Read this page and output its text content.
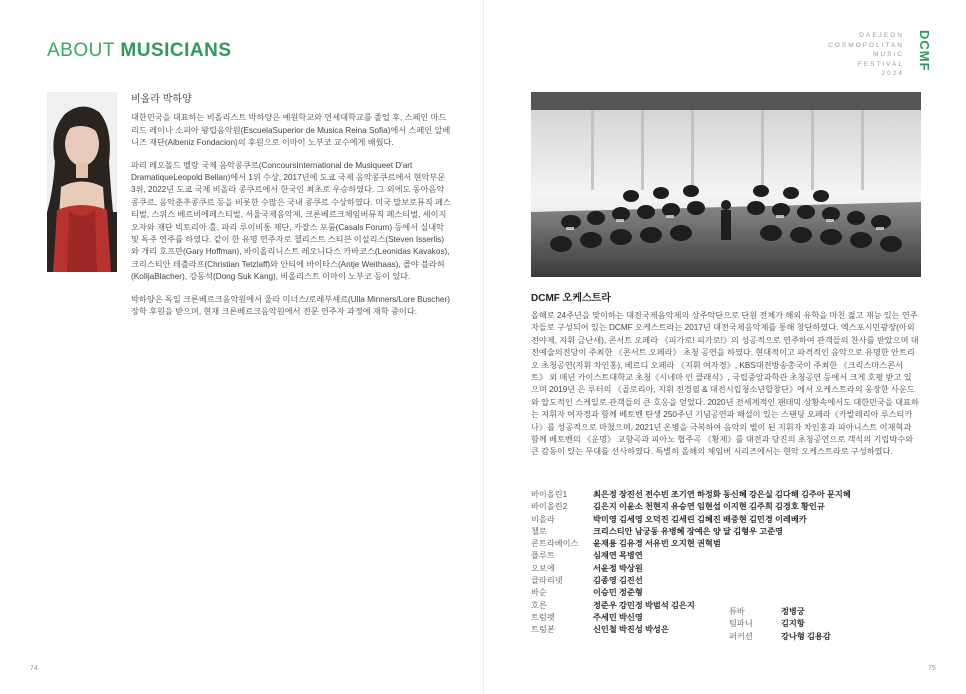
ABOUT MUSICIANS
비올라 박하양

대한민국을 대표하는 비올리스트 박하양은 예원학교와 연세대학교를 졸업 후, 스페인 마드리드 레이나 소피아 왕립음악원(EscuelaSuperior de Musica Reina Sofia)에서 스페인 알베니즈 재단(Albeniz Fondacion)의 후원으로 이마이 노부코 교수에게 배웠다.

파리 레오폴드 벨랑 국제 음악콩쿠르(ConcoursInternational de Musiqueet D'art DramatiqueLeopold Bellan)에서 1위 수상, 2017년에 도쿄 국제 음악콩쿠르에서 현악부문 3위, 2022년 도쿄 국제 비올라 콩쿠르에서 한국인 최초로 우승하였다. 그 외에도 동아음악콩쿠르, 음악춘추콩쿠르 등을 비롯한 수많은 국내 콩쿠르 수상하였다. 미국 말보로뮤직 페스티벌, 스위스 베르비에페스티벌, 서울국제음악제, 크론베르크체임버뮤직 페스티벌, 세이지 오자와 재단 빅토리아 홀, 파리 루이비통 재단, 카잘스 포룸(Casals Forum) 등에서 실내악 및 독주 연주를 하였다. 같이 한 유명 연주자로 첼리스트 스티븐 이설리스(Steven Isserlis)와 개리 호프만(Gary Hoffman), 바이올리니스트 레오니다스 카바코스(Leonidas Kavakos), 크리스티안 테츨라프(Christian Tetzlaff)와 안티에 바이타스(Antje Weithaas), 콜야 블라허(KoIljaBlacher), 강동석(Dong Suk Kang), 비올리스트 이마이 노부코 등이 있다.

박하양은 독일 크론베르크음악원에서 울라 미너스/로레부셰르(Ulla Minners/Lore Buscher) 장학 후원을 받으며, 현재 크론베르크음악원에서 전문 연주자 과정에 재학 중이다.

74
DAEJEON
COSMOPOLITAN
MUSIC
FESTIVAL
2024
DCMF
DCMF 오케스트라

올해로 24주년을 맞이하는 대전국제음악제의 상주악단으로 단원 전체가 해외 유학을 마친 젊고 재능 있는 연주자들로 구성되어 있는 DCMF 오케스트라는 2017년 대전국제음악제를 통해 창단하였다. 엑스포시민광장(아외전야제, 지휘 금난새), 콘서트 오페라 《피가로! 피가로!》의 성공적으로 연주하여 관객들의 찬사를 받았으며 대전예술의전당이 주최한 《콘서트 오페라》 초청 공연을 하였다. 현대적이고 파격적인 음악으로 유명한 안트리오 초청공연(지휘 차인홍), 베르디 오페라 《지휘 여자경》, KBS대전방송총국이 주최한 《크리스마스콘서트》 외 매년 카이스트대학교 초청《시네마 인 클래식》, 국립중앙과학관 초청공연 등에서 크게 호평 받고 있으며 2019년 은 루터의 《골로리아, 지휘 전경필 & 대전시립청소년합창단》에서 오케스트라의 웅장한 사운드와 압도적인 스케일로 관객들의 큰 호응을 얻었다. 2020년 전세계적인 팬데믹 상황속에서도 대한민국을 대표하는 지휘자 여자경과 함께 베토벤 탄생 250주년 기념공연과 해설이 있는 스탠딩 오페라《카발레리아 루스티카나》를 성공적으로 마쳤으며, 2021년 온병을 극복하여 음악의 별이 된 지휘자 차인홍과 피아니스트 이재혁과 함께 베토벤의 《운명》 교향곡과 피아노 협주곡 《황제》를 대전과 당진의 초청공연으로 객석의 기립박수와 큰 감동이 있는 무대를 선사하였다. 특별히 올해의 체임버 시리즈에서는 현악 오케스트라로 구성하였다.

바이올린1	최은정 장진선 전수빈 조기연 하정화 동신혜 강은실 김다해 김주아 문지혜
바이올린2	김은지 이윤소 천현지 유승연 임현섭 이지현 김주희 김경호 황인규
비올라	박미영 김세영 오덕진 김세린 김혜진 배중현 김민경 이레베카
첼로	크리스티안 남궁동 유병혜 장예은 양 달 김형우 고준영
콘트라베이스 윤재용 김유경 서유빈 오지현 권혁범
플루트	심재연 목병연
오보에	서윤정 박상원
클라리넷	김종영 김진선
바순	이승민 정준형
호른	정준우 강민정 박범석 김은지
트럼펫	주세민 박신영
트럼본	신인철 박진성 박성은
튜바	정병궁
팀파니	김지항
퍼커션	강나형 김용감
75
